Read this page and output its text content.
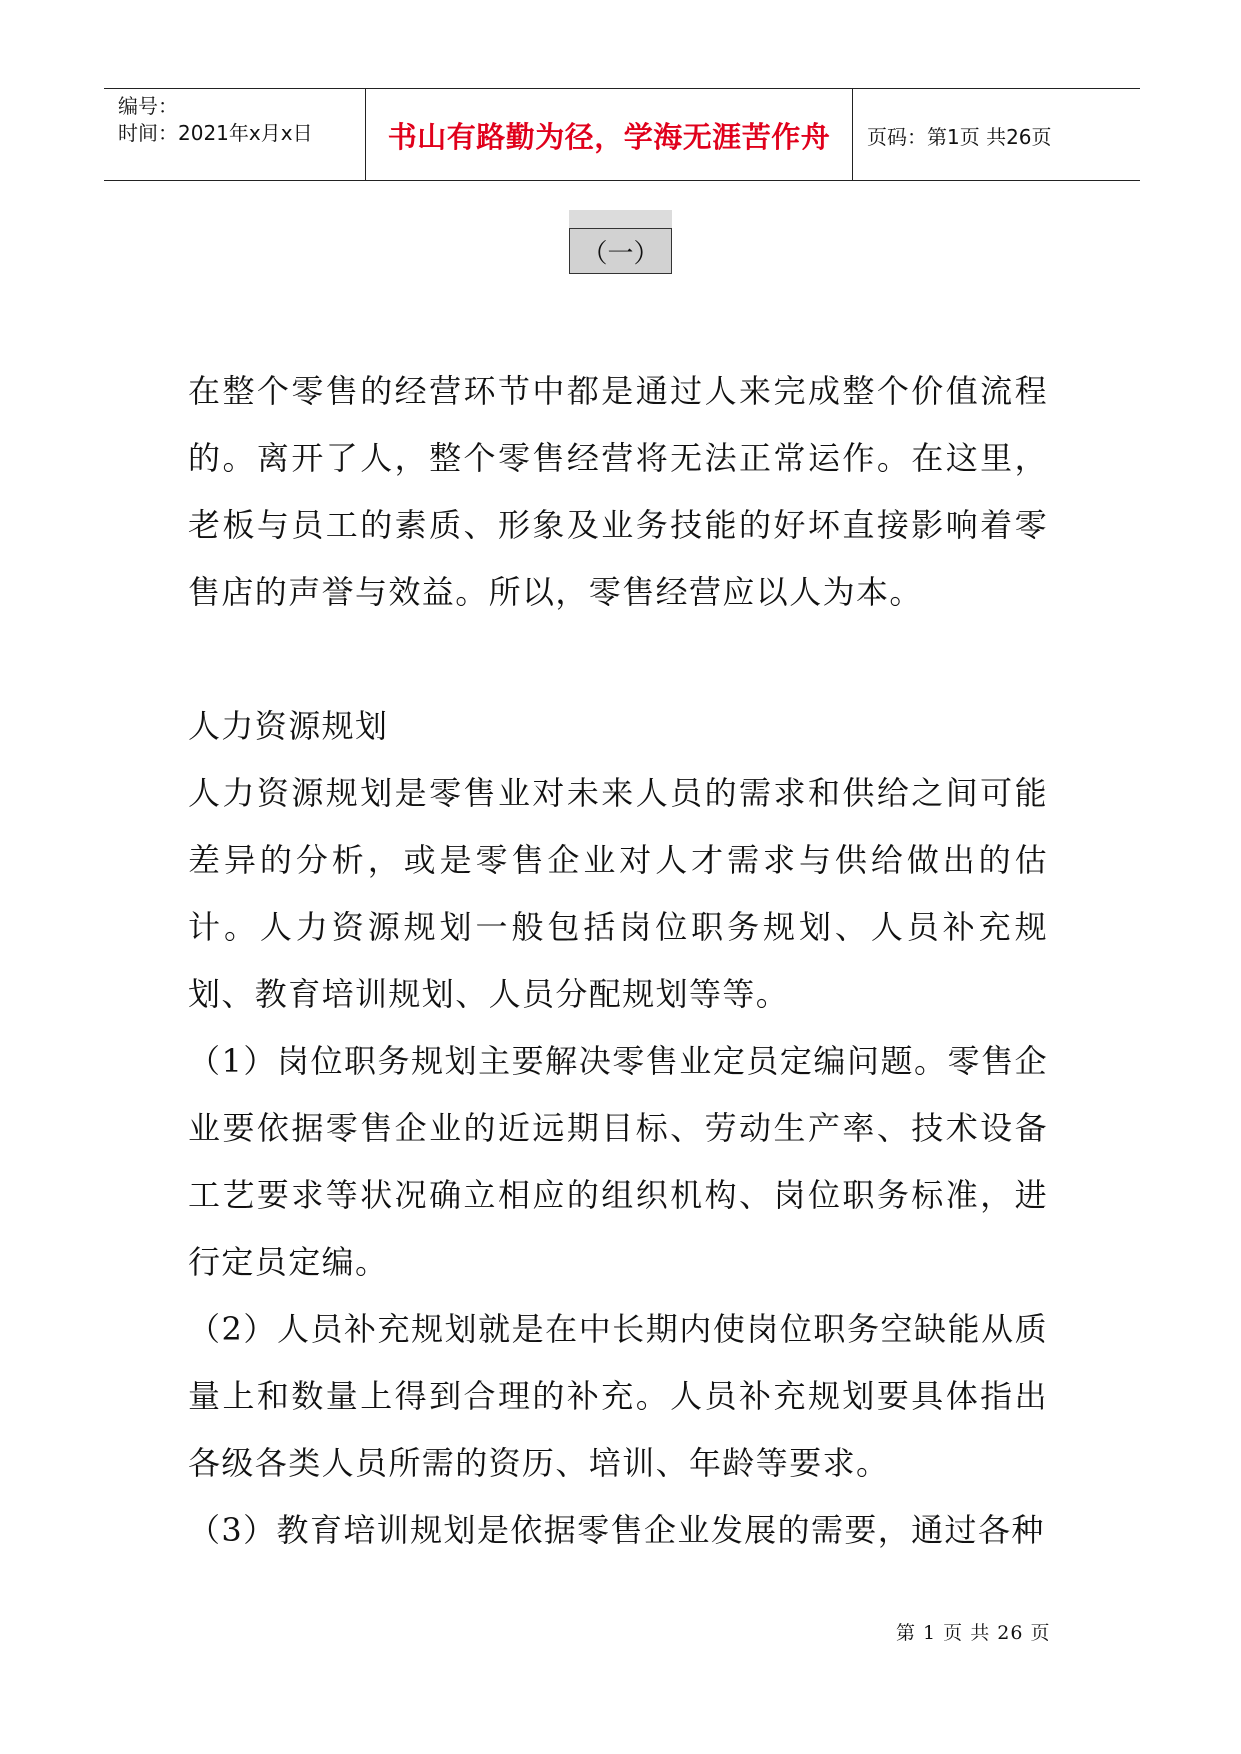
编号：
时间：2021年x月x日	书山有路勤为径，学海无涯苦作舟	页码：第1页 共26页
（一）

在整个零售的经营环节中都是通过人来完成整个价值流程的。离开了人，整个零售经营将无法正常运作。在这里，老板与员工的素质、形象及业务技能的好坏直接影响着零售店的声誉与效益。所以，零售经营应以人为本。

人力资源规划

人力资源规划是零售业对未来人员的需求和供给之间可能差异的分析，或是零售企业对人才需求与供给做出的估计。人力资源规划一般包括岗位职务规划、人员补充规划、教育培训规划、人员分配规划等等。

（1）岗位职务规划主要解决零售业定员定编问题。零售企业要依据零售企业的近远期目标、劳动生产率、技术设备工艺要求等状况确立相应的组织机构、岗位职务标准，进行定员定编。

（2）人员补充规划就是在中长期内使岗位职务空缺能从质量上和数量上得到合理的补充。人员补充规划要具体指出各级各类人员所需的资历、培训、年龄等要求。

（3）教育培训规划是依据零售企业发展的需要，通过各种

第 1 页 共 26 页
